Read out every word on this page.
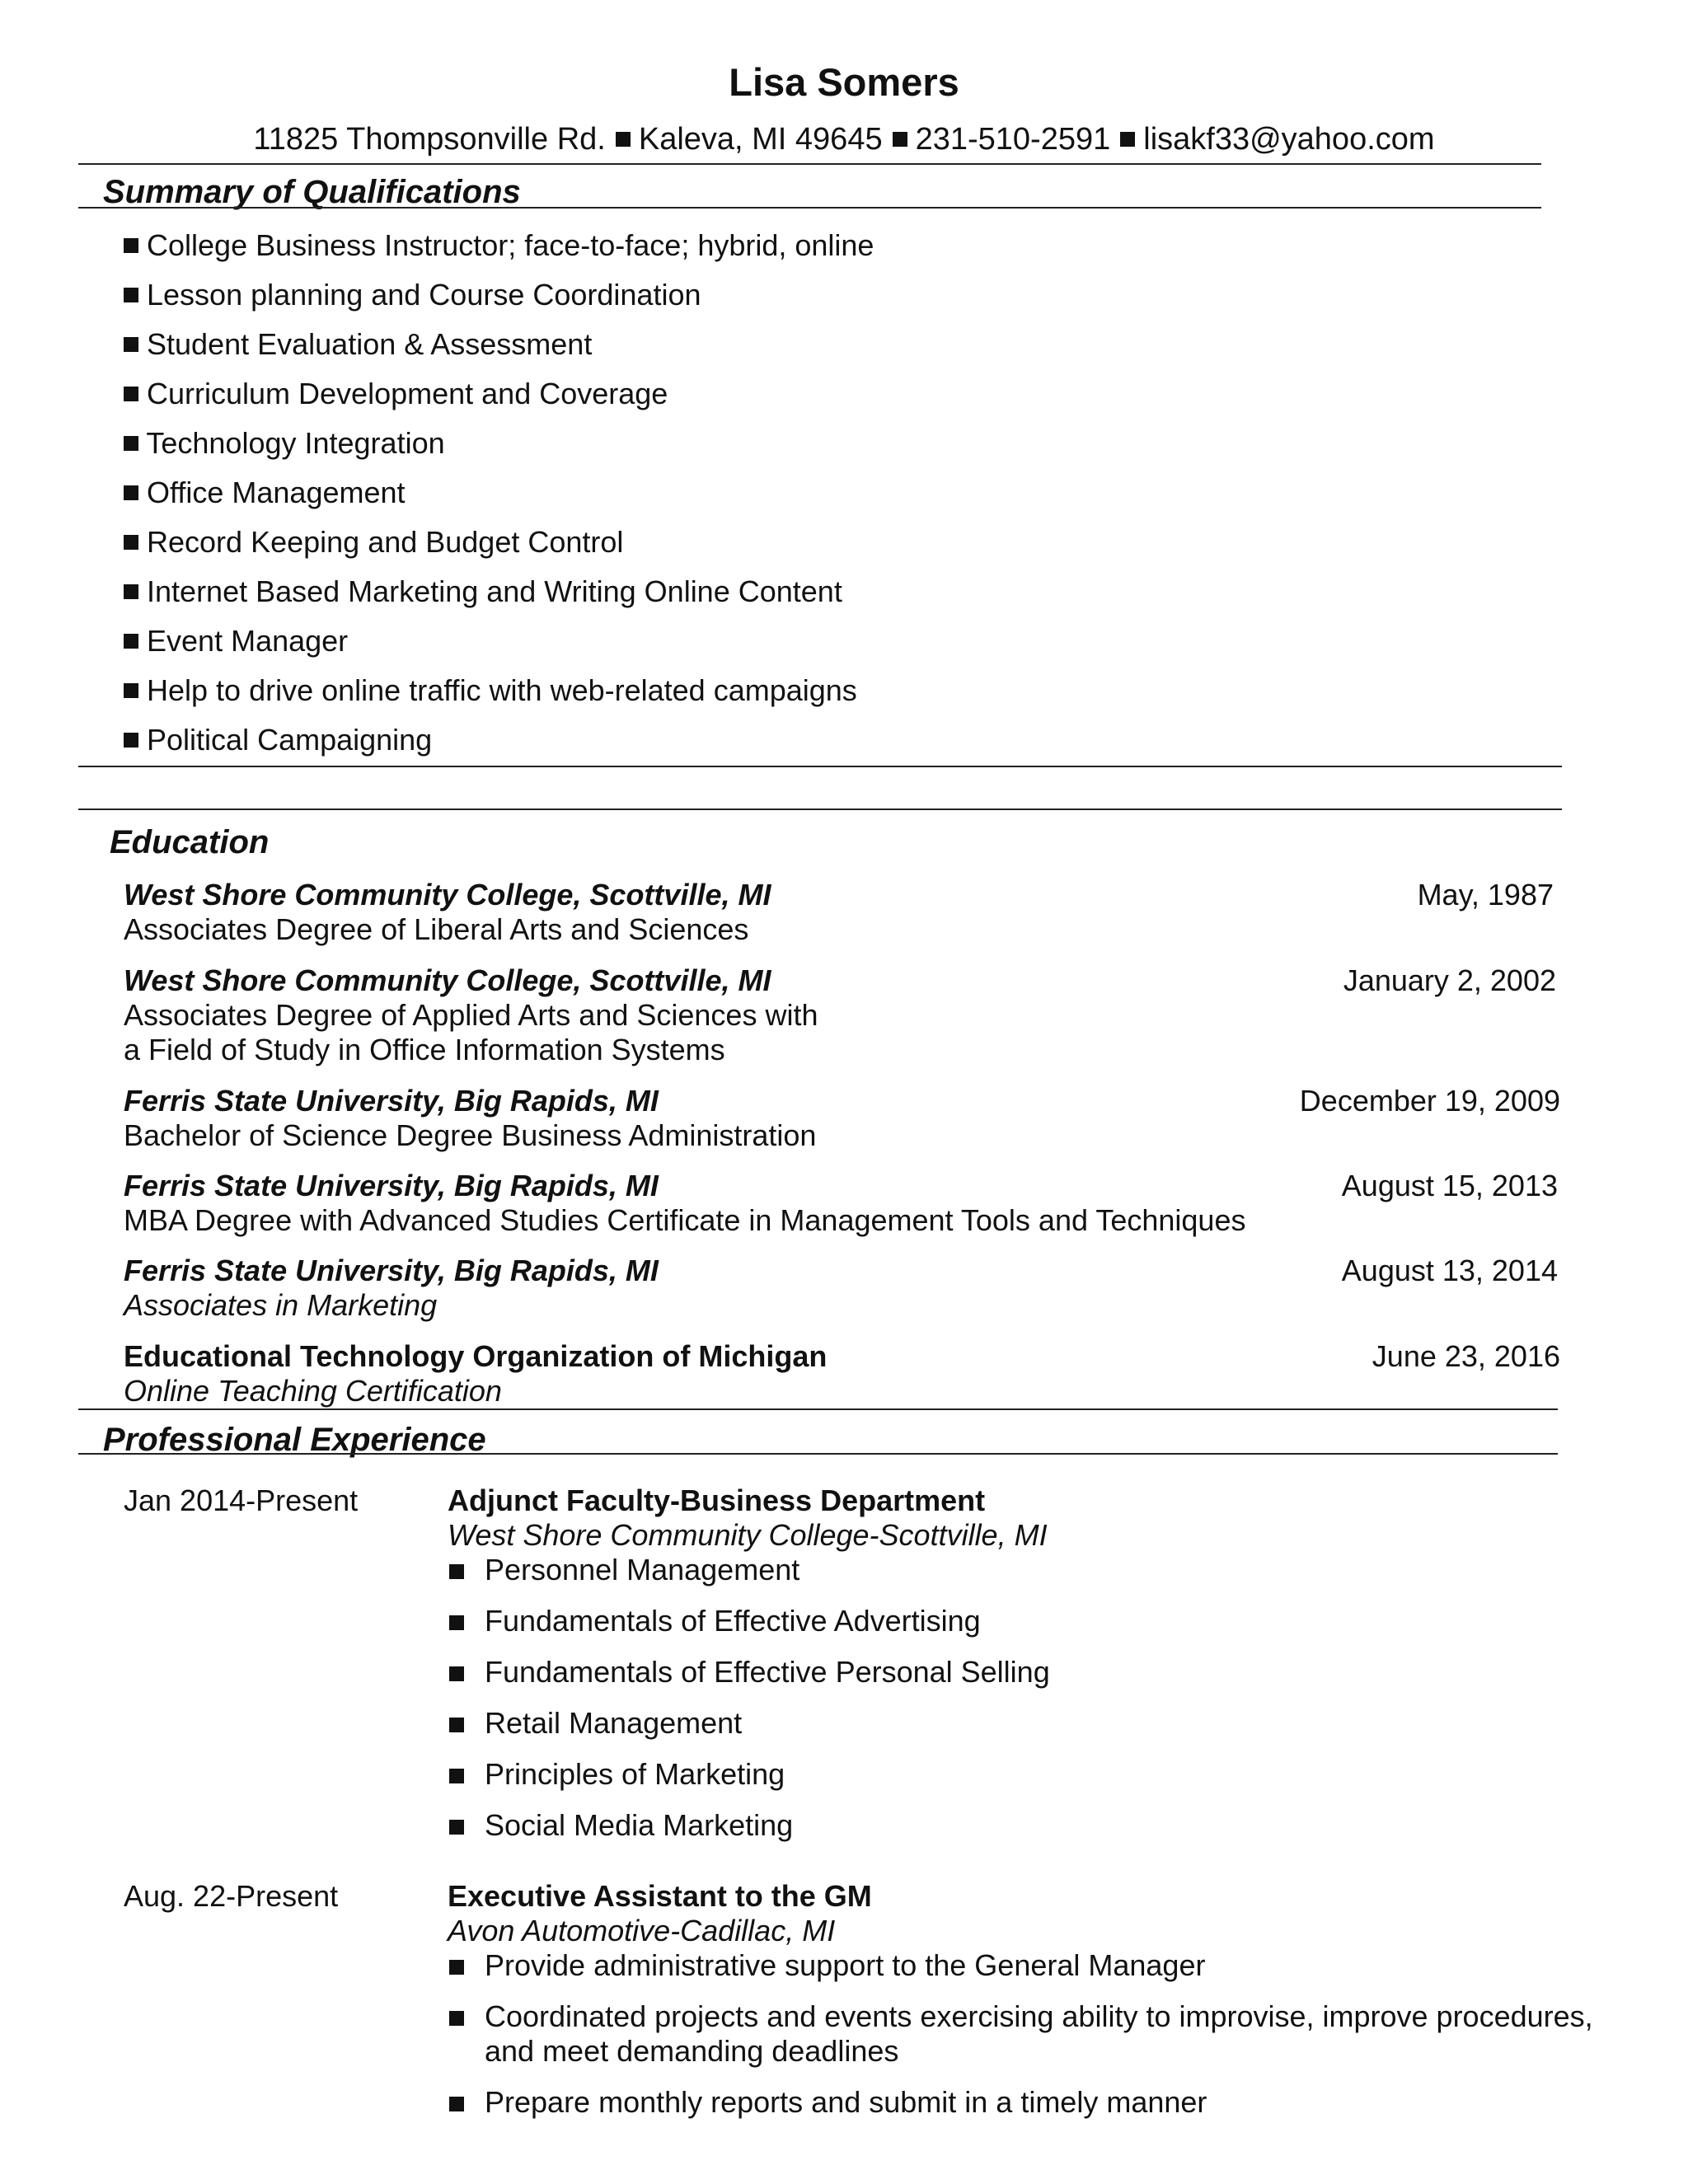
Lisa Somers
11825 Thompsonville Rd. Kaleva, MI 49645 231-510-2591 lisakf33@yahoo.com
Summary of Qualifications
College Business Instructor; face-to-face; hybrid, online
Lesson planning and Course Coordination
Student Evaluation & Assessment
Curriculum Development and Coverage
Technology Integration
Office Management
Record Keeping and Budget Control
Internet Based Marketing and Writing Online Content
Event Manager
Help to drive online traffic with web-related campaigns
Political Campaigning
Education
West Shore Community College, Scottville, MI	May, 1987
Associates Degree of Liberal Arts and Sciences
West Shore Community College, Scottville, MI	January 2, 2002
Associates Degree of Applied Arts and Sciences with
a Field of Study in Office Information Systems
Ferris State University, Big Rapids, MI	December 19, 2009
Bachelor of Science Degree Business Administration
Ferris State University, Big Rapids, MI	August 15, 2013
MBA Degree with Advanced Studies Certificate in Management Tools and Techniques
Ferris State University, Big Rapids, MI	August 13, 2014
Associates in Marketing
Educational Technology Organization of Michigan	June 23, 2016
Online Teaching Certification
Professional Experience
Jan 2014-Present	Adjunct Faculty-Business Department
West Shore Community College-Scottville, MI
Personnel Management
Fundamentals of Effective Advertising
Fundamentals of Effective Personal Selling
Retail Management
Principles of Marketing
Social Media Marketing
Aug. 22-Present	Executive Assistant to the GM
Avon Automotive-Cadillac, MI
Provide administrative support to the General Manager
Coordinated projects and events exercising ability to improvise, improve procedures,
and meet demanding deadlines
Prepare monthly reports and submit in a timely manner
